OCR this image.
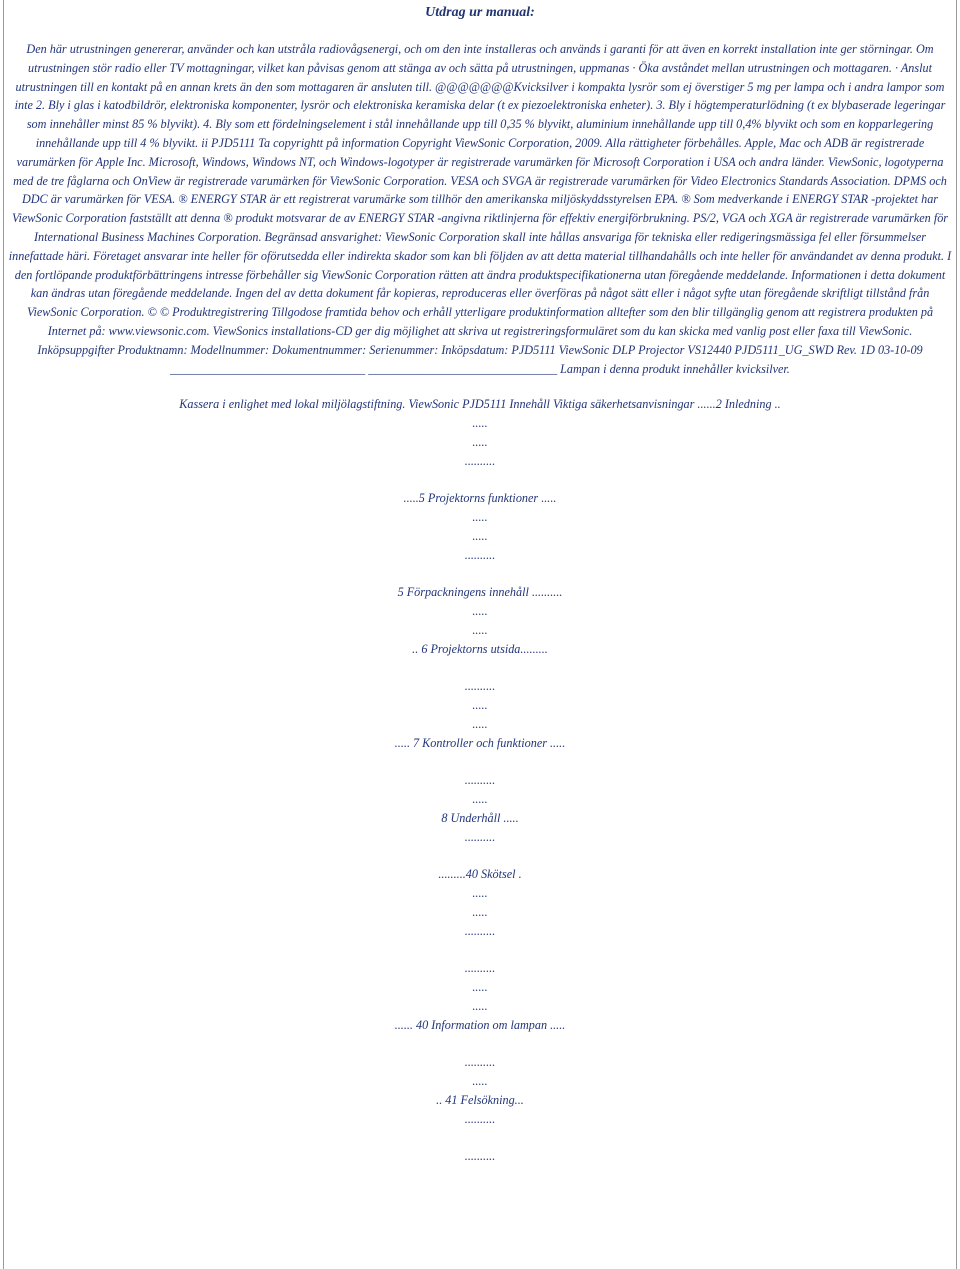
Utdrag ur manual:

Den här utrustningen genererar, använder och kan utstråla radiovågsenergi, och om den inte installeras och används i garanti för att även en korrekt installation inte ger störningar. Om utrustningen stör radio eller TV mottagningar, vilket kan påvisas genom att stänga av och sätta på utrustningen, uppmanas · Öka avståndet mellan utrustningen och mottagaren. · Anslut utrustningen till en kontakt på en annan krets än den som mottagaren är ansluten till. @@@@@@@Kvicksilver i kompakta lysrör som ej överstiger 5 mg per lampa och i andra lampor som inte 2. Bly i glas i katodbildrör, elektroniska komponenter, lysrör och elektroniska keramiska delar (t ex piezoelektroniska enheter). 3. Bly i högtemperaturlödning (t ex blybaserade legeringar som innehåller minst 85 % blyvikt). 4. Bly som ett fördelningselement i stål innehållande upp till 0,35 % blyvikt, aluminium innehållande upp till 0,4% blyvikt och som en kopparlegering innehållande upp till 4 % blyvikt. ii PJD5111 Ta copyrightt på information Copyright ViewSonic Corporation, 2009. Alla rättigheter förbehålles. Apple, Mac och ADB är registrerade varumärken för Apple Inc. Microsoft, Windows, Windows NT, och Windows-logotyper är registrerade varumärken för Microsoft Corporation i USA och andra länder. ViewSonic, logotyperna med de tre fåglarna och OnView är registrerade varumärken för ViewSonic Corporation. VESA och SVGA är registrerade varumärken för Video Electronics Standards Association. DPMS och DDC är varumärken för VESA. ® ENERGY STAR är ett registrerat varumärke som tillhör den amerikanska miljöskyddsstyrelsen EPA. ® Som medverkande i ENERGY STAR -projektet har ViewSonic Corporation fastställt att denna ® produkt motsvarar de av ENERGY STAR -angivna riktlinjerna för effektiv energiförbrukning. PS/2, VGA och XGA är registrerade varumärken för International Business Machines Corporation. Begränsad ansvarighet: ViewSonic Corporation skall inte hållas ansvariga för tekniska eller redigeringsmässiga fel eller försummelser innefattade häri. Företaget ansvarar inte heller för oförutsedda eller indirekta skador som kan bli följden av att detta material tillhandahålls och inte heller för användandet av denna produkt. I den fortlöpande produktförbättringens intresse förbehåller sig ViewSonic Corporation rätten att ändra produktspecifikationerna utan föregående meddelande. Informationen i detta dokument kan ändras utan föregående meddelande. Ingen del av detta dokument får kopieras, reproduceras eller överföras på något sätt eller i något syfte utan föregående skriftligt tillstånd från ViewSonic Corporation. © © Produktregistrering Tillgodose framtida behov och erhåll ytterligare produktinformation alltefter som den blir tillgänglig genom att registrera produkten på Internet på: www.viewsonic.com. ViewSonics installations-CD ger dig möjlighet att skriva ut registreringsformuläret som du kan skicka med vanlig post eller faxa till ViewSonic. Inköpsuppgifter Produktnamn: Modellnummer: Dokumentnummer: Serienummer: Inköpsdatum: PJD5111 ViewSonic DLP Projector VS12440 PJD5111_UG_SWD Rev. 1D 03-10-09 ________________________________ _______________________________ Lampan i denna produkt innehåller kvicksilver.

Kassera i enlighet med lokal miljölagstiftning. ViewSonic PJD5111 Innehåll Viktiga säkerhetsanvisningar ......2 Inledning ..
.....
.....
..........
.....5 Projektorns funktioner .....
.....
.....
..........
5 Förpackningens innehåll ..........
.....
.....
.. 6 Projektorns utsida.........
..........
.....
.....
..... 7 Kontroller och funktioner .....
..........
.....
8 Underhåll .....
..........
.........40 Skötsel .
.....
.....
..........
..........
.....
.....
...... 40 Information om lampan .....
..........
.....
.. 41 Felsökning...
..........
..........
